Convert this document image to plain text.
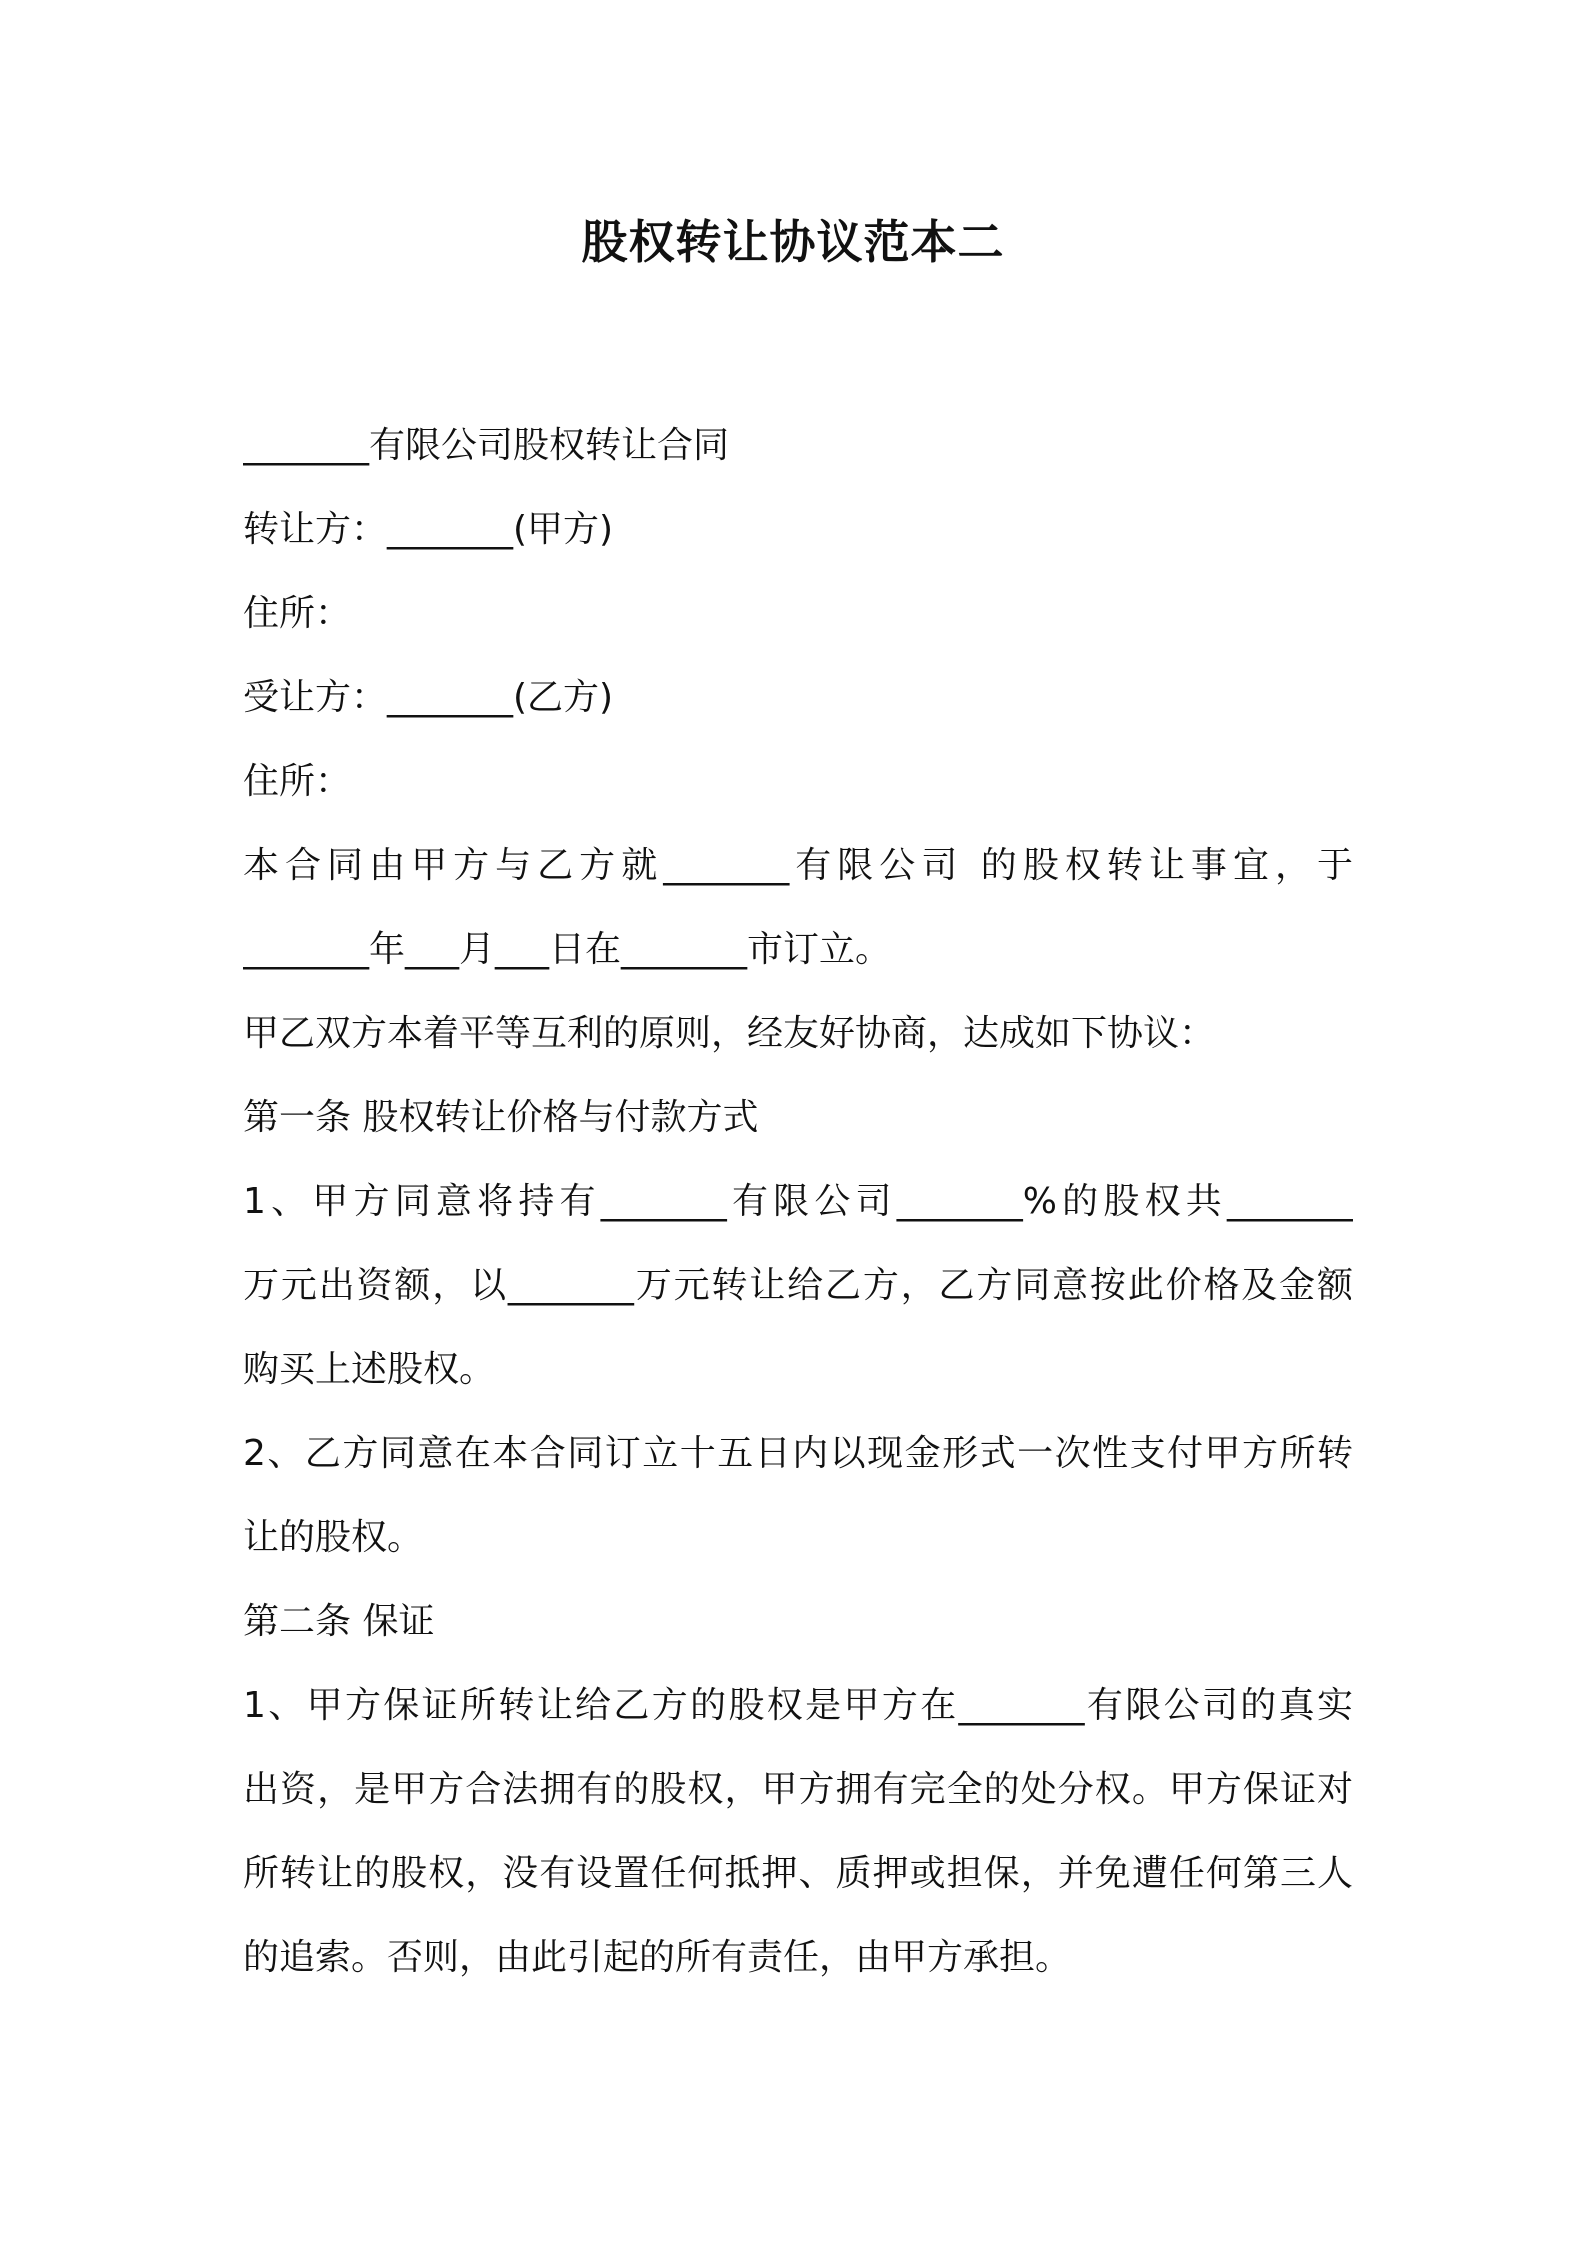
股权转让协议范本二
_______有限公司股权转让合同
转让方：_______(甲方)
住所：
受让方：_______(乙方)
住所：
本合同由甲方与乙方就_______有限公司 的股权转让事宜，于
_______年___月___日在_______市订立。
甲乙双方本着平等互利的原则，经友好协商，达成如下协议：
第一条 股权转让价格与付款方式
1、甲方同意将持有_______有限公司_______%的股权共_______
万元出资额，以_______万元转让给乙方，乙方同意按此价格及金额
购买上述股权。
2、乙方同意在本合同订立十五日内以现金形式一次性支付甲方所转
让的股权。
第二条 保证
1、甲方保证所转让给乙方的股权是甲方在_______有限公司的真实
出资，是甲方合法拥有的股权，甲方拥有完全的处分权。甲方保证对
所转让的股权，没有设置任何抵押、质押或担保，并免遭任何第三人
的追索。否则，由此引起的所有责任，由甲方承担。
